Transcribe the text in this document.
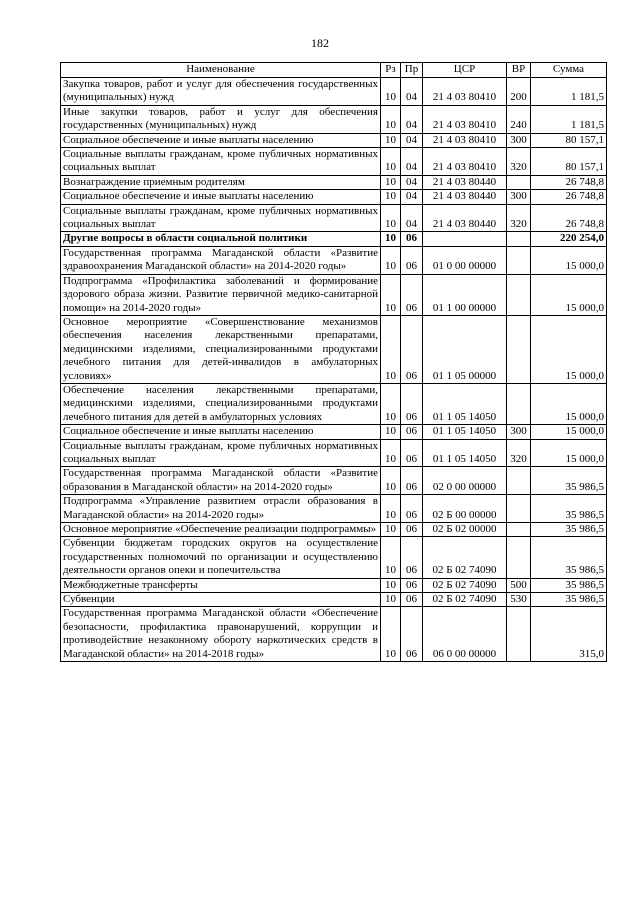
182
Наименование	Рз	Пр	ЦСР	ВР	Сумма
Закупка товаров, работ и услуг для обеспечения государственных (муниципальных) нужд	10	04	21 4 03 80410	200	1 181,5
Иные закупки товаров, работ и услуг для обеспечения государственных (муниципальных) нужд	10	04	21 4 03 80410	240	1 181,5
Социальное обеспечение и иные выплаты населению	10	04	21 4 03 80410	300	80 157,1
Социальные выплаты гражданам, кроме публичных нормативных социальных выплат	10	04	21 4 03 80410	320	80 157,1
Вознаграждение приемным родителям	10	04	21 4 03 80440		26 748,8
Социальное обеспечение и иные выплаты населению	10	04	21 4 03 80440	300	26 748,8
Социальные выплаты гражданам, кроме публичных нормативных социальных выплат	10	04	21 4 03 80440	320	26 748,8
Другие вопросы в области социальной политики	10	06			220 254,0
Государственная программа Магаданской области «Развитие здравоохранения Магаданской области» на 2014-2020 годы»	10	06	01 0 00 00000		15 000,0
Подпрограмма «Профилактика заболеваний и формирование здорового образа жизни. Развитие первичной медико-санитарной помощи» на 2014-2020 годы»	10	06	01 1 00 00000		15 000,0
Основное мероприятие «Совершенствование механизмов обеспечения населения лекарственными препаратами, медицинскими изделиями, специализированными продуктами лечебного питания для детей-инвалидов в амбулаторных условиях»	10	06	01 1 05 00000		15 000,0
Обеспечение населения лекарственными препаратами, медицинскими изделиями, специализированными продуктами лечебного питания для детей в амбулаторных условиях	10	06	01 1 05 14050		15 000,0
Социальное обеспечение и иные выплаты населению	10	06	01 1 05 14050	300	15 000,0
Социальные выплаты гражданам, кроме публичных нормативных социальных выплат	10	06	01 1 05 14050	320	15 000,0
Государственная программа Магаданской области «Развитие образования в Магаданской области» на 2014-2020 годы»	10	06	02 0 00 00000		35 986,5
Подпрограмма «Управление развитием отрасли образования в Магаданской области» на 2014-2020 годы»	10	06	02 Б 00 00000		35 986,5
Основное мероприятие «Обеспечение реализации подпрограммы»	10	06	02 Б 02 00000		35 986,5
Субвенции бюджетам городских округов на осуществление государственных полномочий по организации и осуществлению деятельности органов опеки и попечительства	10	06	02 Б 02 74090		35 986,5
Межбюджетные трансферты	10	06	02 Б 02 74090	500	35 986,5
Субвенции	10	06	02 Б 02 74090	530	35 986,5
Государственная программа Магаданской области «Обеспечение безопасности, профилактика правонарушений, коррупции и противодействие незаконному обороту наркотических средств в Магаданской области» на 2014-2018 годы»	10	06	06 0 00 00000		315,0
